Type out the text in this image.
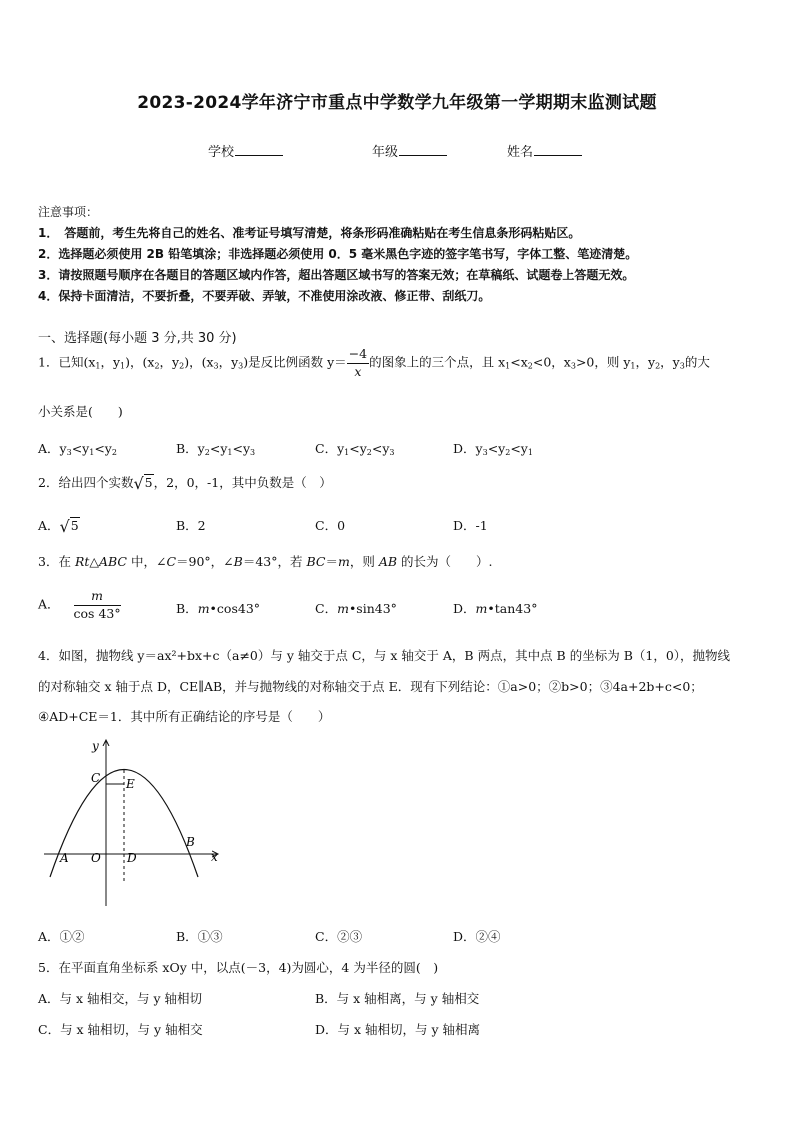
2023-2024学年济宁市重点中学数学九年级第一学期期末监测试题
学校	年级	姓名
注意事项：
1．　答题前，考生先将自己的姓名、准考证号填写清楚，将条形码准确粘贴在考生信息条形码粘贴区。
2．选择题必须使用 2B 铅笔填涂；非选择题必须使用 0．5 毫米黑色字迹的签字笔书写，字体工整、笔迹清楚。
3．请按照题号顺序在各题目的答题区域内作答，超出答题区域书写的答案无效；在草稿纸、试题卷上答题无效。
4．保持卡面清洁，不要折叠，不要弄破、弄皱，不准使用涂改液、修正带、刮纸刀。
一、选择题(每小题 3 分,共 30 分)
1．已知($x_1$，$y_1$)，($x_2$，$y_2$)，($x_3$，$y_3$)是反比例函数 $y= \frac{-4}{x}$ 的图象上的三个点，且 $x_1<x_2<0$，$x_3>0$，则 $y_1$，$y_2$，$y_3$的大
小关系是(　　)
A．$y_3<y_1<y_2$	B．$y_2<y_1<y_3$	C．$y_1<y_2<y_3$	D．$y_3<y_2<y_1$
2．给出四个实数√5，2，0，-1，其中负数是（　）
A．√5	B．2	C．0	D．-1
3．在 Rt△ABC 中，∠C＝90°，∠B＝43°，若 BC＝m，则 AB 的长为（　　）.
A． $\frac{m}{\cos 43^\circ}$	B．m•cos43°	C．m•sin43°	D．m•tan43°
4．如图，抛物线 y＝ax²+bx+c（a≠0）与 y 轴交于点 C，与 x 轴交于 A，B 两点，其中点 B 的坐标为 B（1，0），抛物线
的对称轴交 x 轴于点 D，CE∥AB，并与抛物线的对称轴交于点 E．现有下列结论：①a>0；②b>0；③4a+2b+c<0；
④AD+CE＝1．其中所有正确结论的序号是（　　）
y
x
C E
B
A O D
A．①②	B．①③	C．②③	D．②④
5．在平面直角坐标系 xOy 中，以点(－3，4)为圆心，4 为半径的圆(　)
A．与 x 轴相交，与 y 轴相切	B．与 x 轴相离，与 y 轴相交
C．与 x 轴相切，与 y 轴相交	D．与 x 轴相切，与 y 轴相离
